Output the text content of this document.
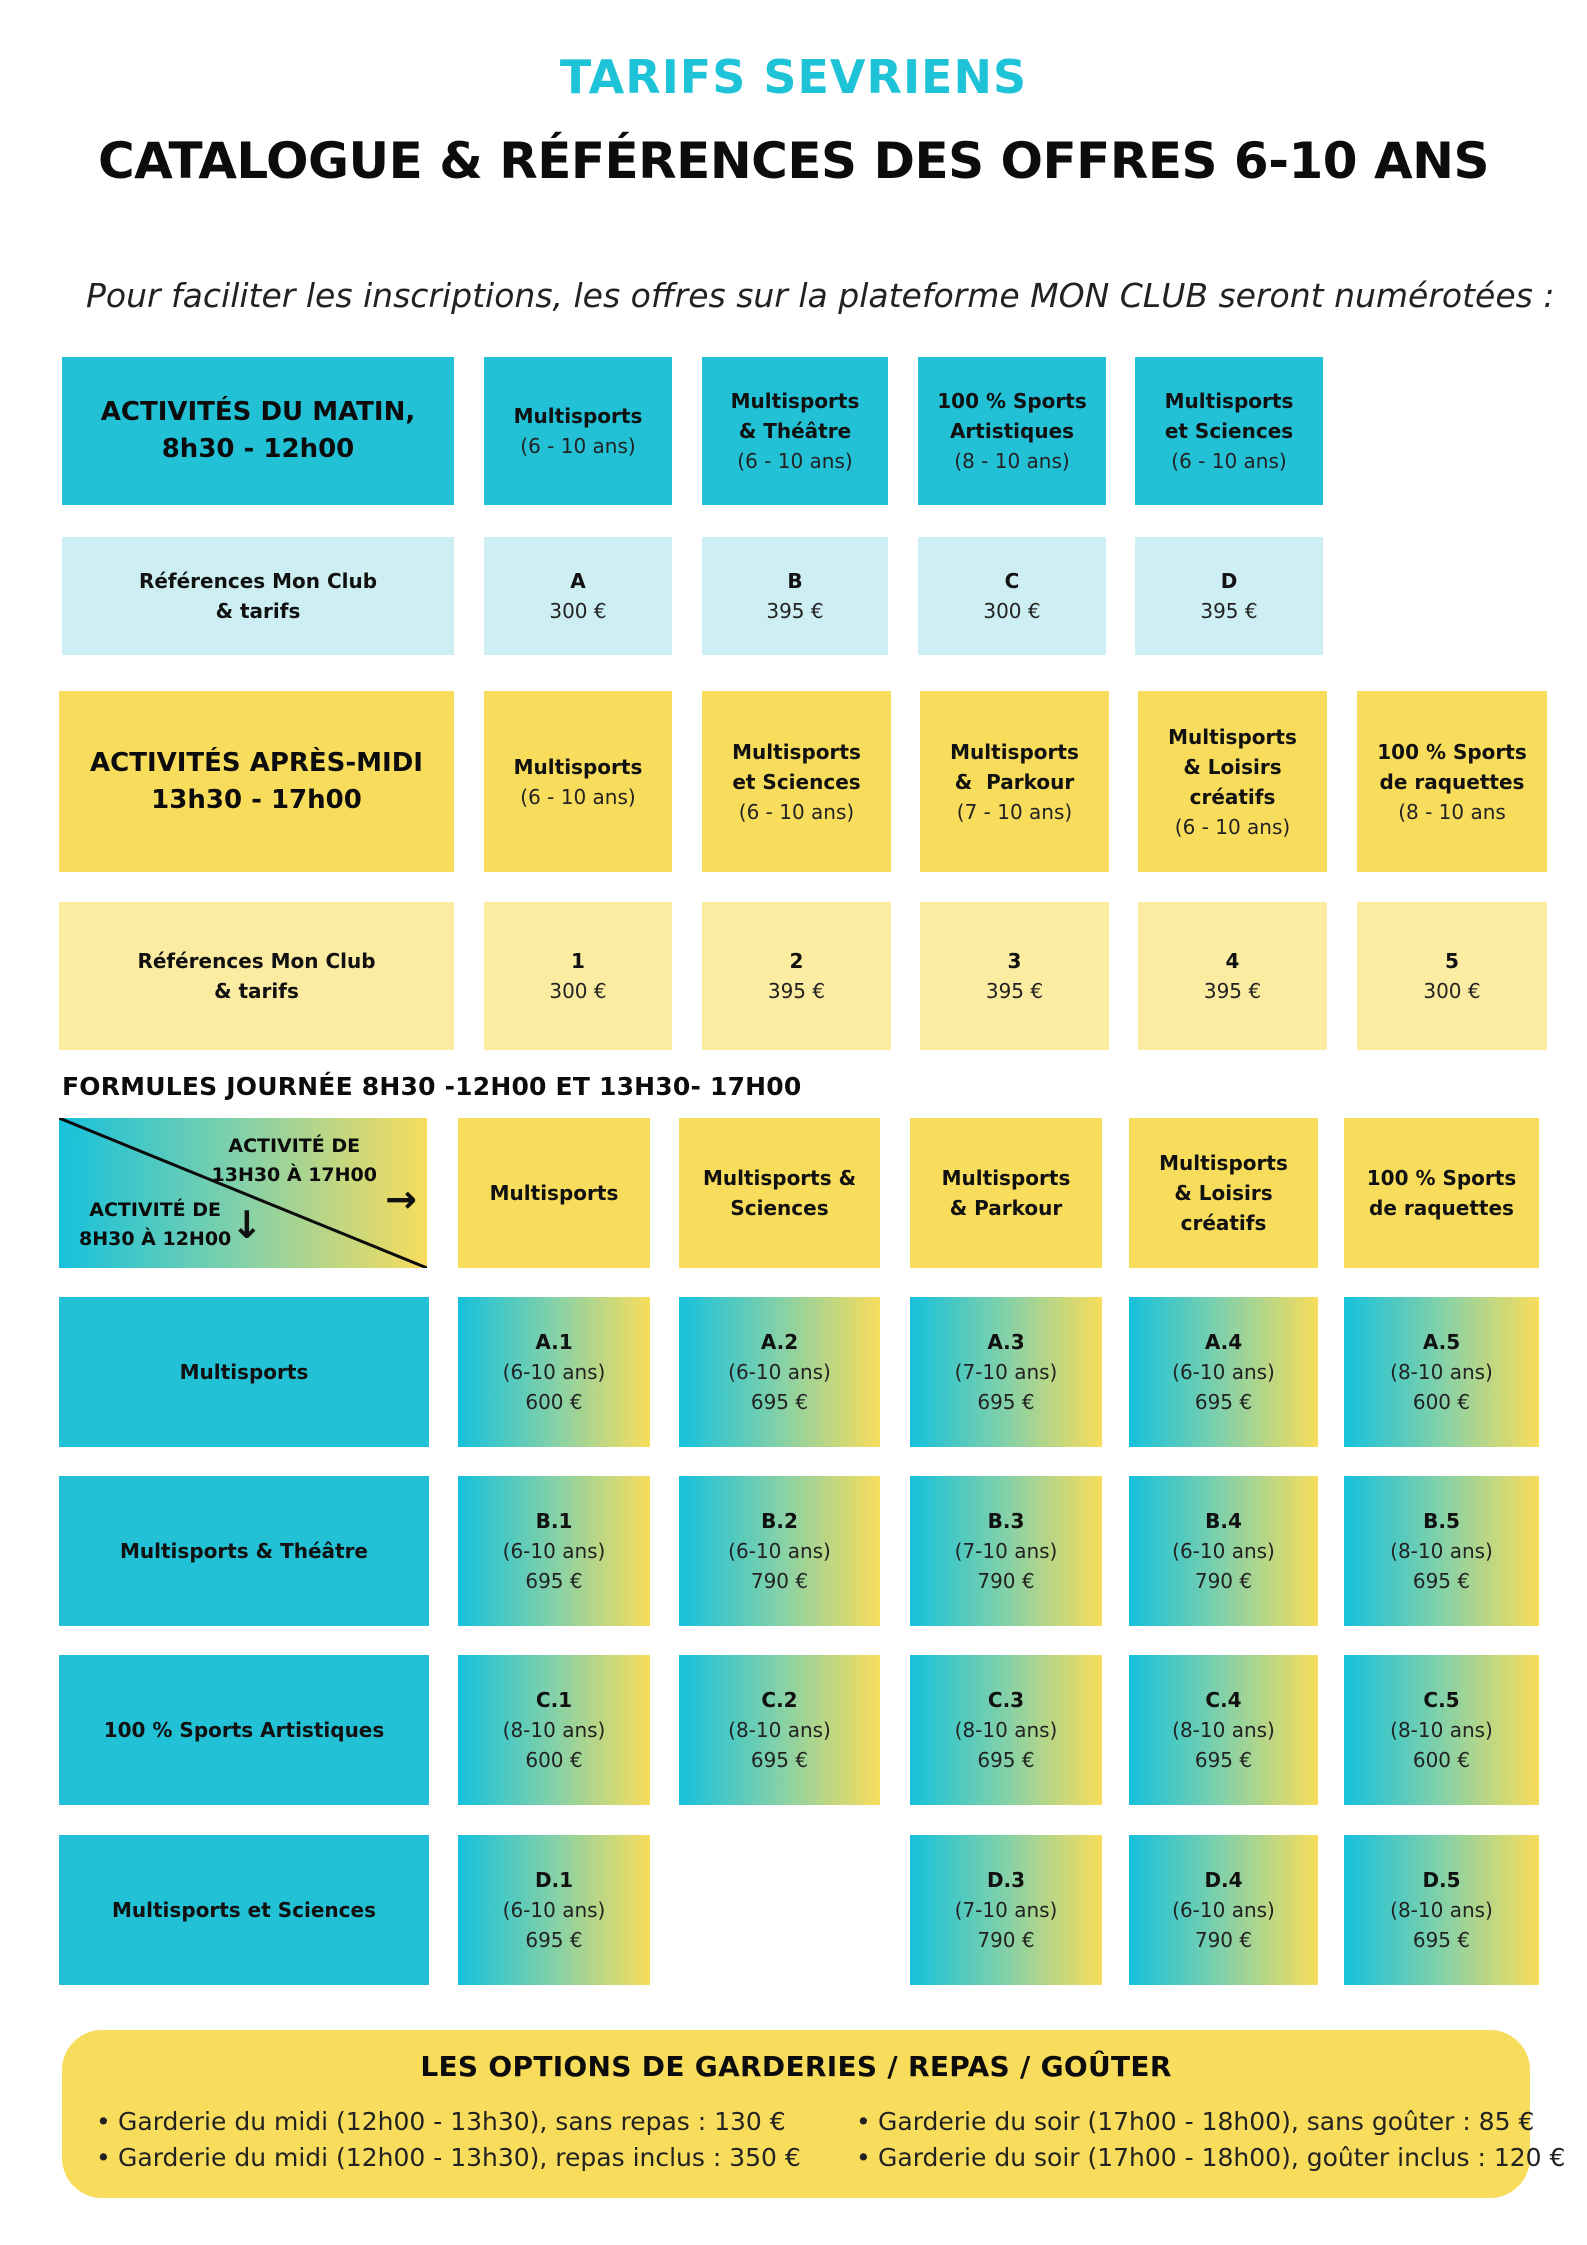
TARIFS SEVRIENS
CATALOGUE & RÉFÉRENCES DES OFFRES 6-10 ANS
Pour faciliter les inscriptions, les offres sur la plateforme MON CLUB seront numérotées :
ACTIVITÉS DU MATIN,
8h30 - 12h00
Multisports
(6 - 10 ans)
Multisports
& Théâtre
(6 - 10 ans)
100 % Sports
Artistiques
(8 - 10 ans)
Multisports
et Sciences
(6 - 10 ans)
Références Mon Club
& tarifs
A
300 €
B
395 €
C
300 €
D
395 €
ACTIVITÉS APRÈS-MIDI
13h30 - 17h00
Multisports
(6 - 10 ans)
Multisports
et Sciences
(6 - 10 ans)
Multisports
&  Parkour
(7 - 10 ans)
Multisports
& Loisirs
créatifs
(6 - 10 ans)
100 % Sports
de raquettes
(8 - 10 ans
Références Mon Club
& tarifs
1
300 €
2
395 €
3
395 €
4
395 €
5
300 €
FORMULES JOURNÉE 8H30 -12H00 ET 13H30- 17H00
ACTIVITÉ DE
13H30 À 17H00
→
ACTIVITÉ DE
8H30 À 12H00 ↓
Multisports
Multisports &
Sciences
Multisports
& Parkour
Multisports
& Loisirs
créatifs
100 % Sports
de raquettes
Multisports
A.1
(6-10 ans)
600 €
A.2
(6-10 ans)
695 €
A.3
(7-10 ans)
695 €
A.4
(6-10 ans)
695 €
A.5
(8-10 ans)
600 €
Multisports & Théâtre
B.1
(6-10 ans)
695 €
B.2
(6-10 ans)
790 €
B.3
(7-10 ans)
790 €
B.4
(6-10 ans)
790 €
B.5
(8-10 ans)
695 €
100 % Sports Artistiques
C.1
(8-10 ans)
600 €
C.2
(8-10 ans)
695 €
C.3
(8-10 ans)
695 €
C.4
(8-10 ans)
695 €
C.5
(8-10 ans)
600 €
Multisports et Sciences
D.1
(6-10 ans)
695 €
D.3
(7-10 ans)
790 €
D.4
(6-10 ans)
790 €
D.5
(8-10 ans)
695 €
LES OPTIONS DE GARDERIES / REPAS / GOÛTER
• Garderie du midi (12h00 - 13h30), sans repas : 130 €
• Garderie du midi (12h00 - 13h30), repas inclus : 350 €
• Garderie du soir (17h00 - 18h00), sans goûter : 85 €
• Garderie du soir (17h00 - 18h00), goûter inclus : 120 €
